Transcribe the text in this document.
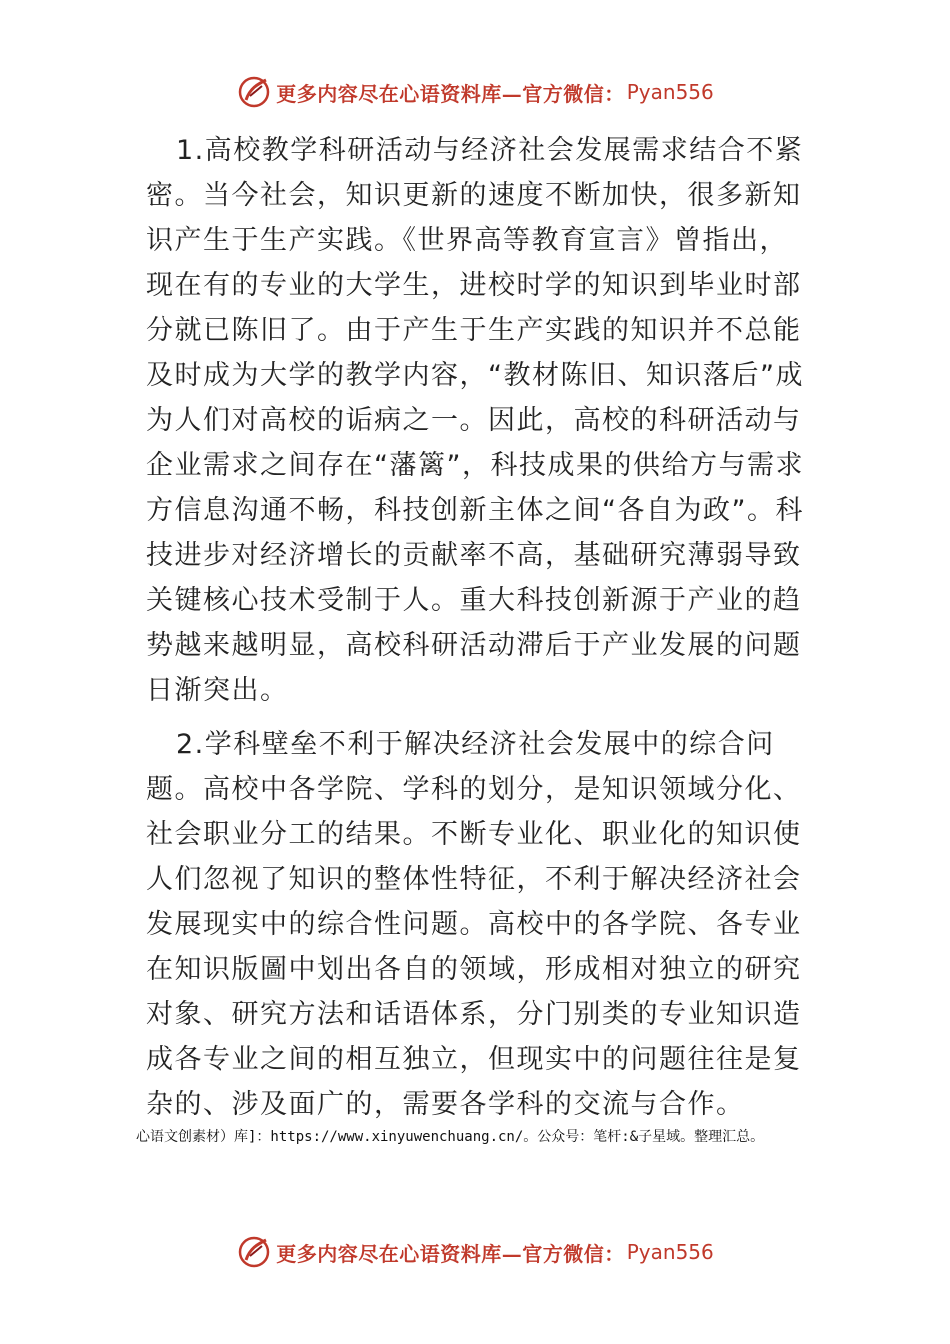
更多内容尽在心语资料库—官方微信： Pyan556

1.高校教学科研活动与经济社会发展需求结合不紧密。当今社会，知识更新的速度不断加快，很多新知识产生于生产实践。《世界高等教育宣言》曾指出，现在有的专业的大学生，进校时学的知识到毕业时部分就已陈旧了。由于产生于生产实践的知识并不总能及时成为大学的教学内容，“教材陈旧、知识落后”成为人们对高校的诟病之一。因此，高校的科研活动与企业需求之间存在“藩篱”，科技成果的供给方与需求方信息沟通不畅，科技创新主体之间“各自为政”。科技进步对经济增长的贡献率不高，基础研究薄弱导致关键核心技术受制于人。重大科技创新源于产业的趋势越来越明显，高校科研活动滞后于产业发展的问题日渐突出。

2.学科壁垒不利于解决经济社会发展中的综合问题。高校中各学院、学科的划分，是知识领域分化、社会职业分工的结果。不断专业化、职业化的知识使人们忽视了知识的整体性特征，不利于解决经济社会发展现实中的综合性问题。高校中的各学院、各专业在知识版圖中划出各自的领域，形成相对独立的研究对象、研究方法和话语体系，分门别类的专业知识造成各专业之间的相互独立，但现实中的问题往往是复杂的、涉及面广的，需要各学科的交流与合作。

心语文创素材）库]：https://www.xinyuwenchuang.cn/。公众号：笔杆:&子星域。整理汇总。

更多内容尽在心语资料库—官方微信： Pyan556
